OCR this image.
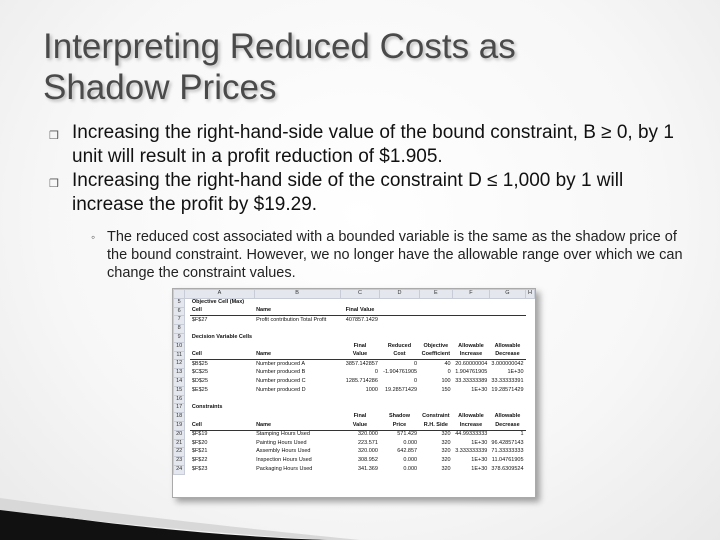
Interpreting Reduced Costs as
Shadow Prices
❒ Increasing the right-hand-side value of the bound constraint, B ≥ 0, by 1 unit will result in a profit reduction of $1.905.
❒ Increasing the right-hand side of the constraint D ≤ 1,000 by 1 will increase the profit by $19.29.
◦ The reduced cost associated with a bounded variable is the same as the shadow price of the bound constraint. However, we no longer have the allowable range over which we can change the constraint values.
	A		B	C	D	E	F	G	H
5		Objective Cell (Max)							
6		Cell	Name	Final Value					
7		$F$27	Profit contribution Total Profit	407857.1429					
8									
9		Decision Variable Cells							
10				Final	Reduced	Objective	Allowable	Allowable	
11		Cell	Name	Value	Cost	Coefficient	Increase	Decrease	
12		$B$25	Number produced A	3857.142857	0	40	20.60000004	3.000000042	
13		$C$25	Number produced B	0	-1.904761905	0	1.904761905	1E+30	
14		$D$25	Number produced C	1285.714286	0	100	33.33333389	33.33333391	
15		$E$25	Number produced D	1000	19.28571429	150	1E+30	19.28571429	
16									
17		Constraints							
18				Final	Shadow	Constraint	Allowable	Allowable	
19		Cell	Name	Value	Price	R.H. Side	Increase	Decrease	
20		$F$19	Stamping Hours Used	320.000	571.429	320	44.99333333	1	
21		$F$20	Painting Hours Used	223.571	0.000	320	1E+30	96.42857143	
22		$F$21	Assembly Hours Used	320.000	642.857	320	3.333333339	71.33333333	
23		$F$22	Inspection Hours Used	308.952	0.000	320	1E+30	11.04761905	
24		$F$23	Packaging Hours Used	341.369	0.000	320	1E+30	378.6309524	
